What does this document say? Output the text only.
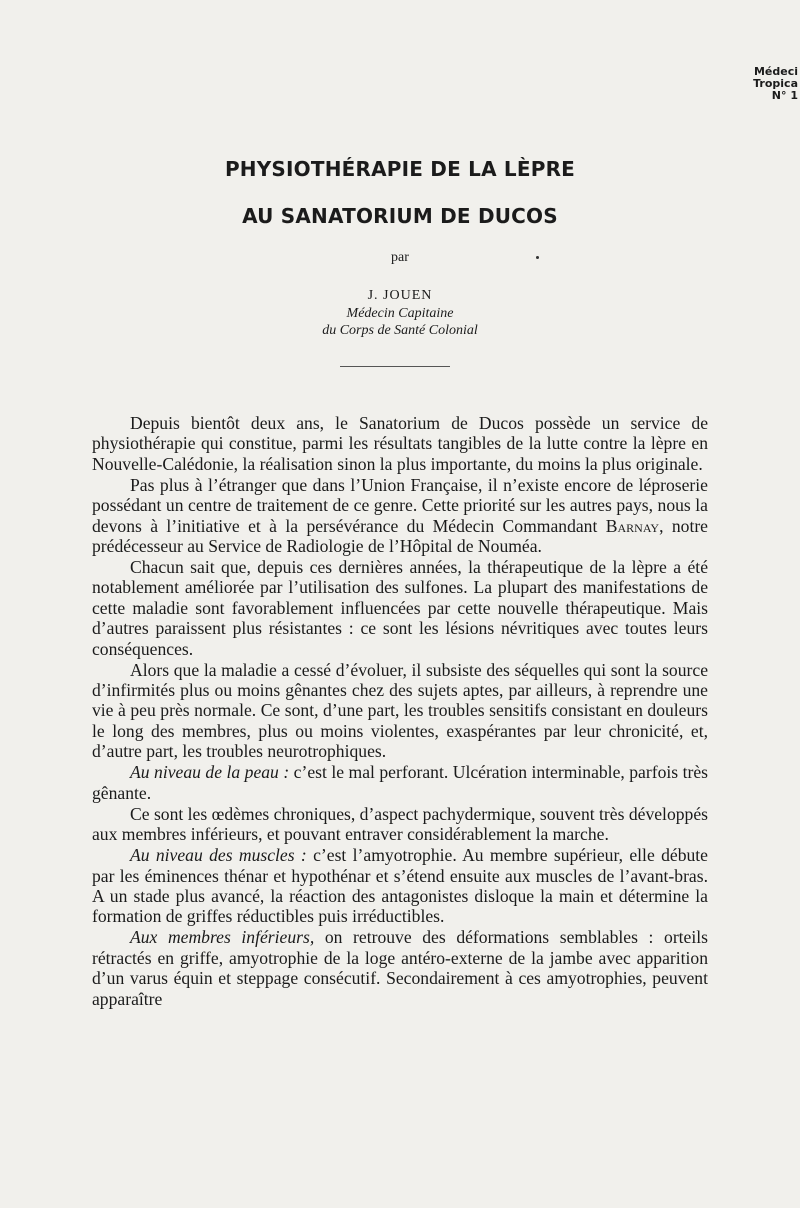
Médeci
Tropica
N° 1
PHYSIOTHÉRAPIE DE LA LÈPRE
AU SANATORIUM DE DUCOS
par
J. JOUEN
Médecin Capitaine
du Corps de Santé Colonial

Depuis bientôt deux ans, le Sanatorium de Ducos possède un service de physiothérapie qui constitue, parmi les résultats tangibles de la lutte contre la lèpre en Nouvelle-Calédonie, la réalisation sinon la plus importante, du moins la plus originale.

Pas plus à l’étranger que dans l’Union Française, il n’existe encore de léproserie possédant un centre de traitement de ce genre. Cette priorité sur les autres pays, nous la devons à l’initiative et à la persévérance du Médecin Commandant Barnay, notre prédécesseur au Service de Radiologie de l’Hôpital de Nouméa.

Chacun sait que, depuis ces dernières années, la thérapeutique de la lèpre a été notablement améliorée par l’utilisation des sulfones. La plupart des manifestations de cette maladie sont favorablement influencées par cette nouvelle thérapeutique. Mais d’autres paraissent plus résistantes : ce sont les lésions névritiques avec toutes leurs conséquences.

Alors que la maladie a cessé d’évoluer, il subsiste des séquelles qui sont la source d’infirmités plus ou moins gênantes chez des sujets aptes, par ailleurs, à reprendre une vie à peu près normale. Ce sont, d’une part, les troubles sensitifs consistant en douleurs le long des membres, plus ou moins violentes, exaspérantes par leur chronicité, et, d’autre part, les troubles neurotrophiques.

Au niveau de la peau : c’est le mal perforant. Ulcération interminable, parfois très gênante.

Ce sont les œdèmes chroniques, d’aspect pachydermique, souvent très développés aux membres inférieurs, et pouvant entraver considérablement la marche.

Au niveau des muscles : c’est l’amyotrophie. Au membre supérieur, elle débute par les éminences thénar et hypothénar et s’étend ensuite aux muscles de l’avant-bras. A un stade plus avancé, la réaction des antagonistes disloque la main et détermine la formation de griffes réductibles puis irréductibles.

Aux membres inférieurs, on retrouve des déformations semblables : orteils rétractés en griffe, amyotrophie de la loge antéro-externe de la jambe avec apparition d’un varus équin et steppage consécutif. Secondairement à ces amyotrophies, peuvent apparaître
